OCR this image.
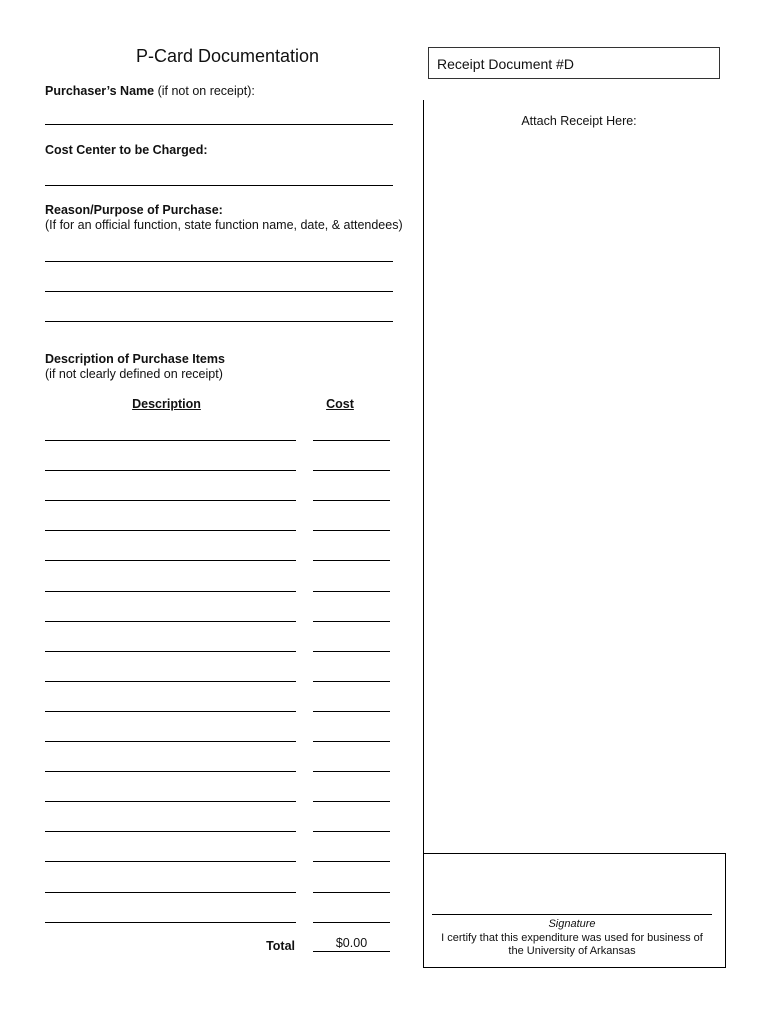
P-Card Documentation
Purchaser’s Name (if not on receipt):
Cost Center to be Charged:
Reason/Purpose of Purchase:
(If for an official function, state function name, date, & attendees)
Description of Purchase Items
(if not clearly defined on receipt)
Description	Cost
Total	$0.00
Receipt Document #D
Attach Receipt Here:
Signature
I certify that this expenditure was used for business of the University of Arkansas
